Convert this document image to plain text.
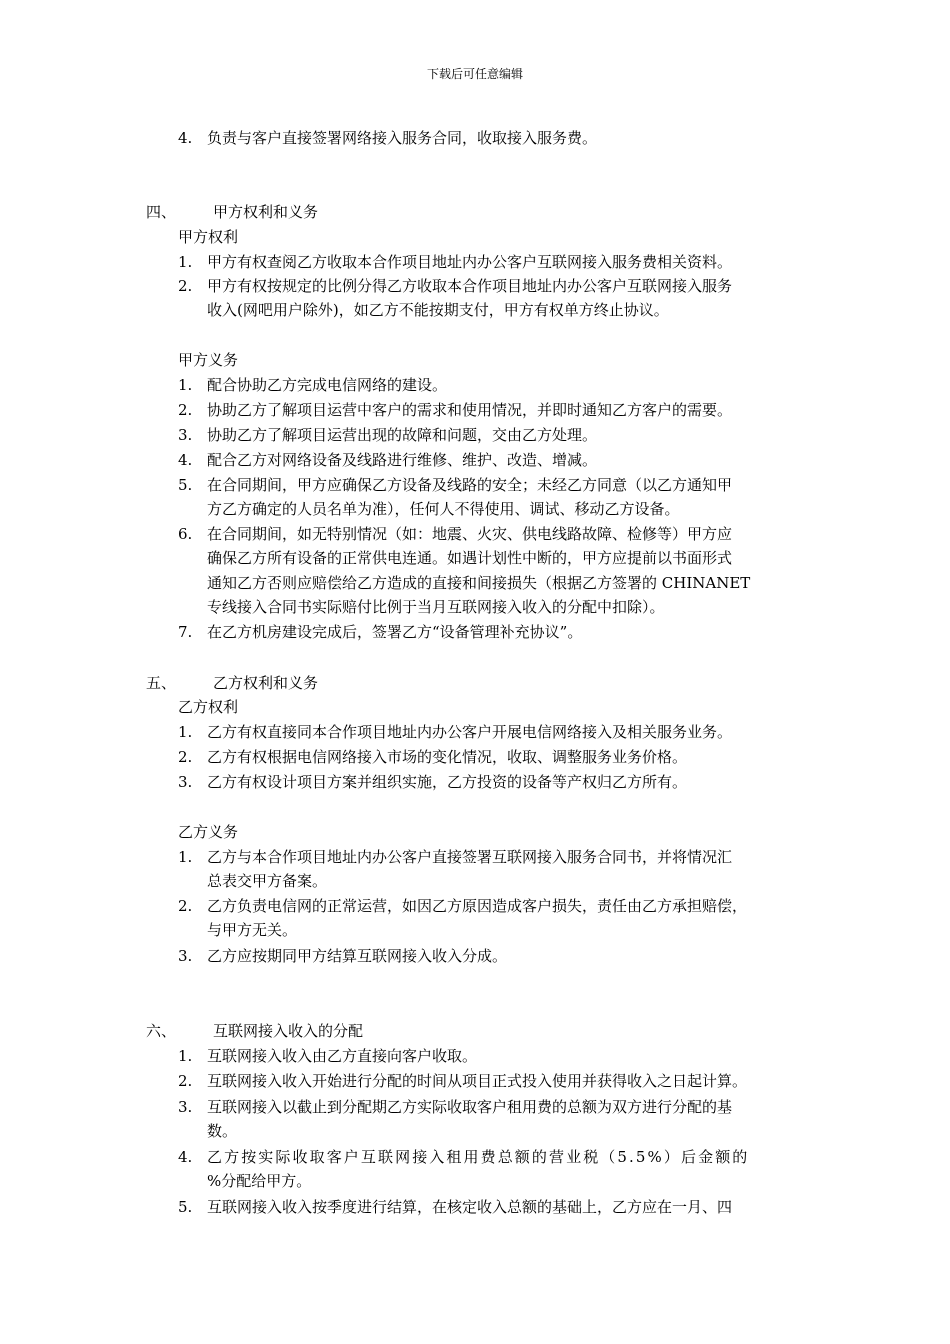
下载后可任意编辑
4. 负责与客户直接签署网络接入服务合同，收取接入服务费。
四、 甲方权利和义务
甲方权利
1. 甲方有权查阅乙方收取本合作项目地址内办公客户互联网接入服务费相关资料。
2. 甲方有权按规定的比例分得乙方收取本合作项目地址内办公客户互联网接入服务
收入(网吧用户除外)，如乙方不能按期支付，甲方有权单方终止协议。
甲方义务
1. 配合协助乙方完成电信网络的建设。
2. 协助乙方了解项目运营中客户的需求和使用情况，并即时通知乙方客户的需要。
3. 协助乙方了解项目运营出现的故障和问题，交由乙方处理。
4. 配合乙方对网络设备及线路进行维修、维护、改造、增减。
5. 在合同期间，甲方应确保乙方设备及线路的安全；未经乙方同意（以乙方通知甲
方乙方确定的人员名单为准），任何人不得使用、调试、移动乙方设备。
6. 在合同期间，如无特别情况（如：地震、火灾、供电线路故障、检修等）甲方应
确保乙方所有设备的正常供电连通。如遇计划性中断的，甲方应提前以书面形式
通知乙方否则应赔偿给乙方造成的直接和间接损失（根据乙方签署的 CHINANET
专线接入合同书实际赔付比例于当月互联网接入收入的分配中扣除）。
7. 在乙方机房建设完成后，签署乙方“设备管理补充协议”。
五、 乙方权利和义务
乙方权利
1. 乙方有权直接同本合作项目地址内办公客户开展电信网络接入及相关服务业务。
2. 乙方有权根据电信网络接入市场的变化情况，收取、调整服务业务价格。
3. 乙方有权设计项目方案并组织实施，乙方投资的设备等产权归乙方所有。
乙方义务
1. 乙方与本合作项目地址内办公客户直接签署互联网接入服务合同书，并将情况汇
总表交甲方备案。
2. 乙方负责电信网的正常运营，如因乙方原因造成客户损失，责任由乙方承担赔偿，
与甲方无关。
3. 乙方应按期同甲方结算互联网接入收入分成。
六、 互联网接入收入的分配
1. 互联网接入收入由乙方直接向客户收取。
2. 互联网接入收入开始进行分配的时间从项目正式投入使用并获得收入之日起计算。
3. 互联网接入以截止到分配期乙方实际收取客户租用费的总额为双方进行分配的基
数。
4. 乙方按实际收取客户互联网接入租用费总额的营业税（5.5%）后金额的
%分配给甲方。
5. 互联网接入收入按季度进行结算，在核定收入总额的基础上，乙方应在一月、四
